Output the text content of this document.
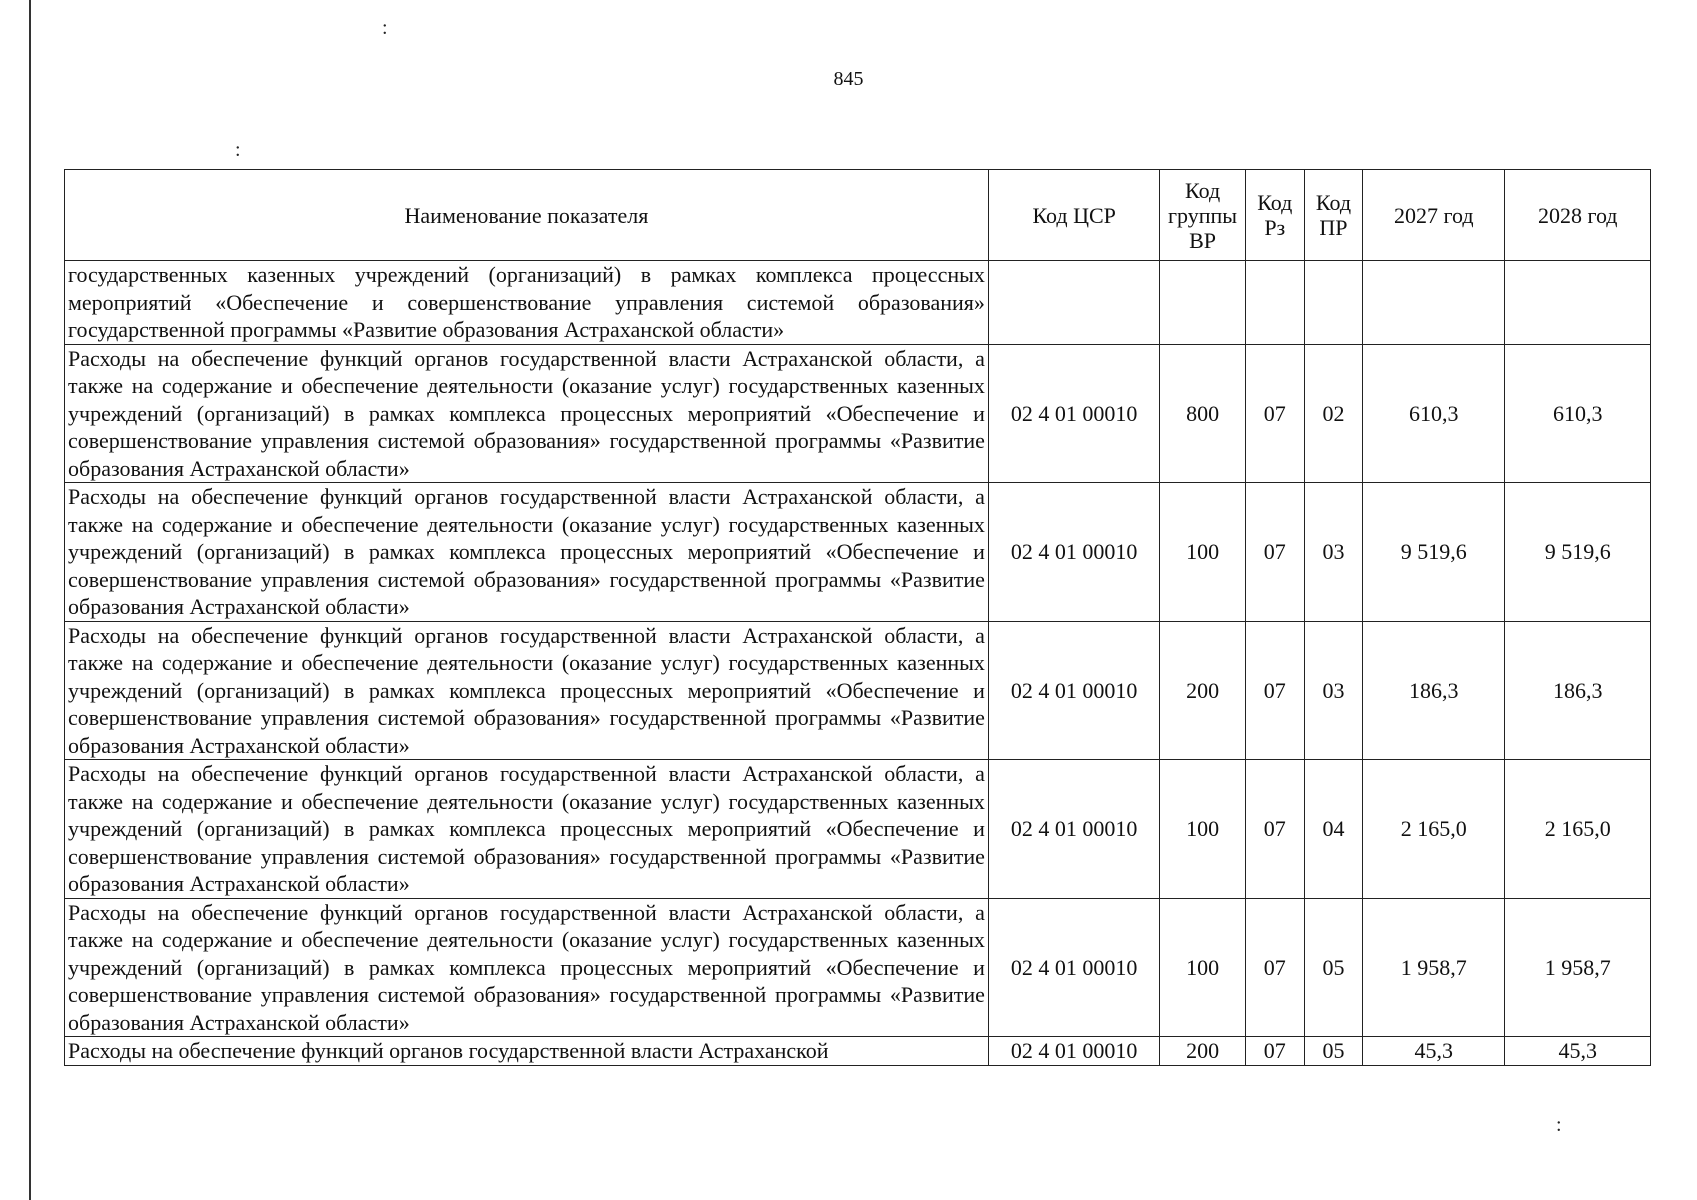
:
:
:
845
Наименование показателя	Код ЦСР	Код группы ВР	Код Рз	Код ПР	2027 год	2028 год
государственных казенных учреждений (организаций) в рамках комплекса процессных мероприятий «Обеспечение и совершенствование управления системой образования» государственной программы «Развитие образования Астраханской области»						
Расходы на обеспечение функций органов государственной власти Астраханской области, а также на содержание и обеспечение деятельности (оказание услуг) государственных казенных учреждений (организаций) в рамках комплекса процессных мероприятий «Обеспечение и совершенствование управления системой образования» государственной программы «Развитие образования Астраханской области»	02 4 01 00010	800	07	02	610,3	610,3
Расходы на обеспечение функций органов государственной власти Астраханской области, а также на содержание и обеспечение деятельности (оказание услуг) государственных казенных учреждений (организаций) в рамках комплекса процессных мероприятий «Обеспечение и совершенствование управления системой образования» государственной программы «Развитие образования Астраханской области»	02 4 01 00010	100	07	03	9 519,6	9 519,6
Расходы на обеспечение функций органов государственной власти Астраханской области, а также на содержание и обеспечение деятельности (оказание услуг) государственных казенных учреждений (организаций) в рамках комплекса процессных мероприятий «Обеспечение и совершенствование управления системой образования» государственной программы «Развитие образования Астраханской области»	02 4 01 00010	200	07	03	186,3	186,3
Расходы на обеспечение функций органов государственной власти Астраханской области, а также на содержание и обеспечение деятельности (оказание услуг) государственных казенных учреждений (организаций) в рамках комплекса процессных мероприятий «Обеспечение и совершенствование управления системой образования» государственной программы «Развитие образования Астраханской области»	02 4 01 00010	100	07	04	2 165,0	2 165,0
Расходы на обеспечение функций органов государственной власти Астраханской области, а также на содержание и обеспечение деятельности (оказание услуг) государственных казенных учреждений (организаций) в рамках комплекса процессных мероприятий «Обеспечение и совершенствование управления системой образования» государственной программы «Развитие образования Астраханской области»	02 4 01 00010	100	07	05	1 958,7	1 958,7
Расходы на обеспечение функций органов государственной власти Астраханской	02 4 01 00010	200	07	05	45,3	45,3
